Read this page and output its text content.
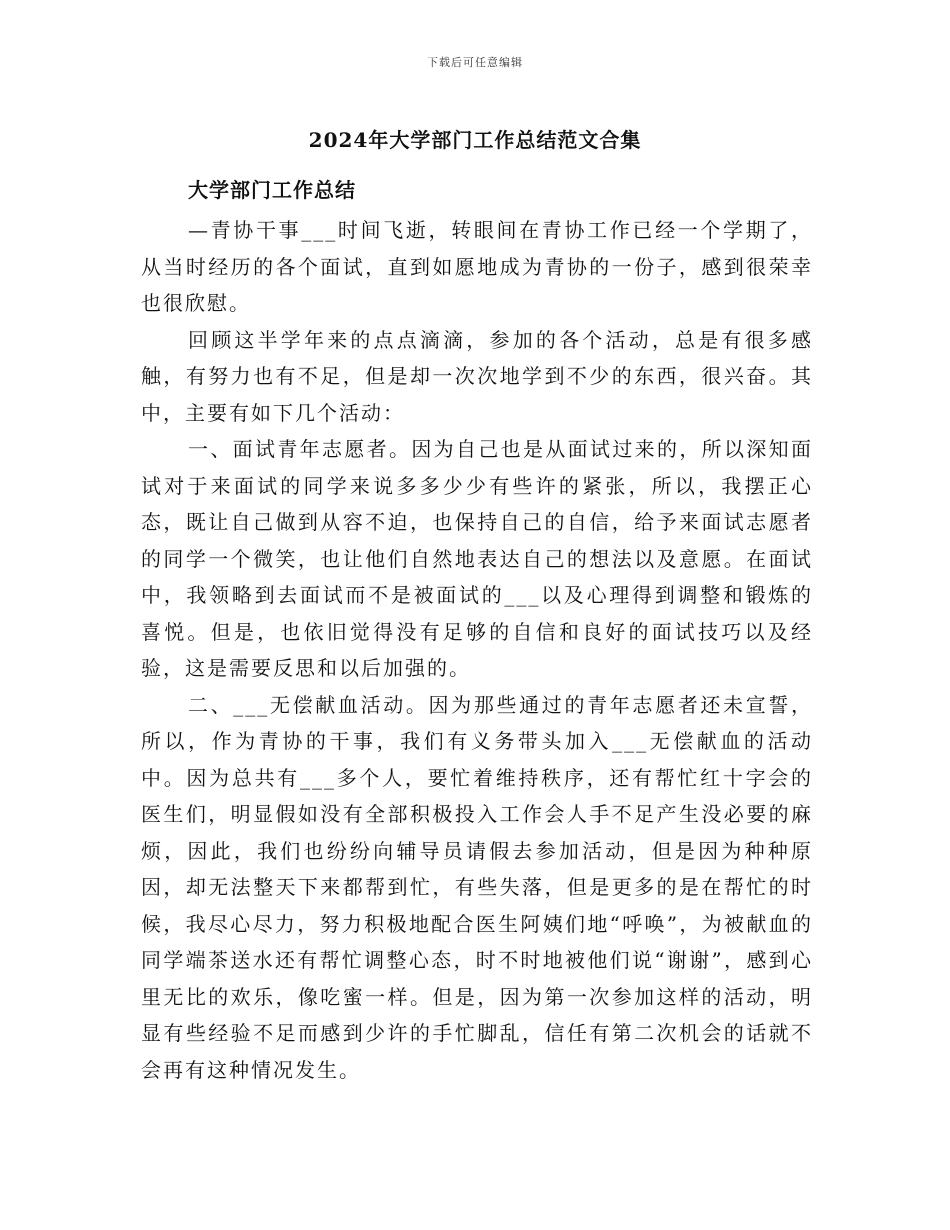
下载后可任意编辑
2024年大学部门工作总结范文合集
大学部门工作总结

—青协干事___时间飞逝，转眼间在青协工作已经一个学期了，从当时经历的各个面试，直到如愿地成为青协的一份子，感到很荣幸也很欣慰。

回顾这半学年来的点点滴滴，参加的各个活动，总是有很多感触，有努力也有不足，但是却一次次地学到不少的东西，很兴奋。其中，主要有如下几个活动：

一、面试青年志愿者。因为自己也是从面试过来的，所以深知面试对于来面试的同学来说多多少少有些许的紧张，所以，我摆正心态，既让自己做到从容不迫，也保持自己的自信，给予来面试志愿者的同学一个微笑，也让他们自然地表达自己的想法以及意愿。在面试中，我领略到去面试而不是被面试的___以及心理得到调整和锻炼的喜悦。但是，也依旧觉得没有足够的自信和良好的面试技巧以及经验，这是需要反思和以后加强的。

二、___无偿献血活动。因为那些通过的青年志愿者还未宣誓，所以，作为青协的干事，我们有义务带头加入___无偿献血的活动中。因为总共有___多个人，要忙着维持秩序，还有帮忙红十字会的医生们，明显假如没有全部积极投入工作会人手不足产生没必要的麻烦，因此，我们也纷纷向辅导员请假去参加活动，但是因为种种原因，却无法整天下来都帮到忙，有些失落，但是更多的是在帮忙的时候，我尽心尽力，努力积极地配合医生阿姨们地“呼唤”，为被献血的同学端茶送水还有帮忙调整心态，时不时地被他们说“谢谢”，感到心里无比的欢乐，像吃蜜一样。但是，因为第一次参加这样的活动，明显有些经验不足而感到少许的手忙脚乱，信任有第二次机会的话就不会再有这种情况发生。
